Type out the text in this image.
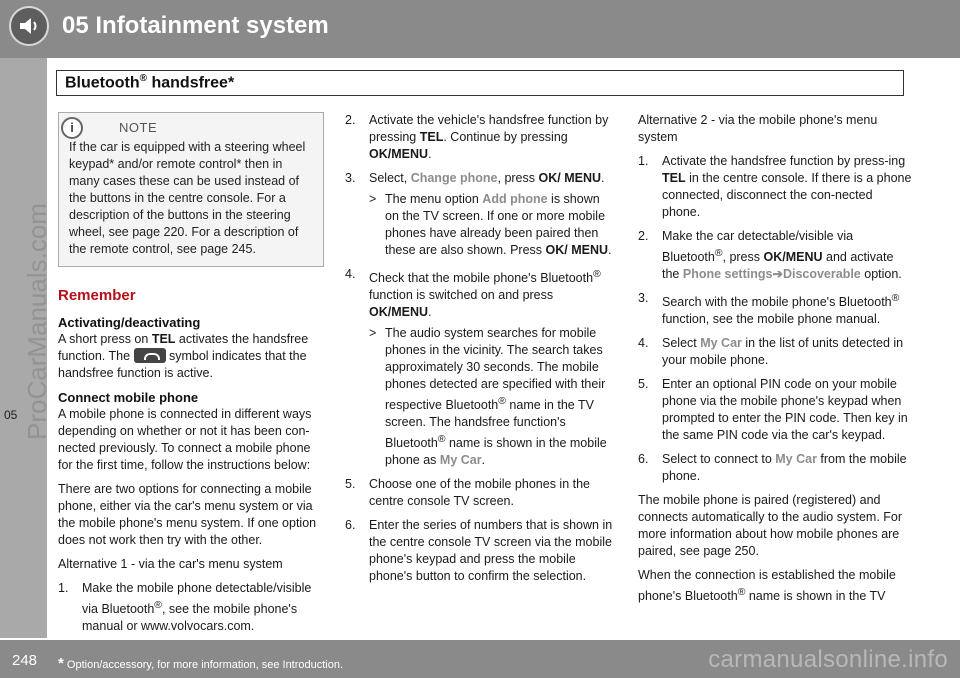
05 Infotainment system
05
Bluetooth® handsfree*
ProCarManuals.com
i	NOTE
If the car is equipped with a steering wheel keypad* and/or remote control* then in many cases these can be used instead of the buttons in the centre console. For a description of the buttons in the steering wheel, see page 220. For a description of the remote control, see page 245.
Remember
Activating/deactivating

A short press on TEL activates the handsfree function. The	symbol indicates that the handsfree function is active.

Connect mobile phone

A mobile phone is connected in different ways depending on whether or not it has been con-nected previously. To connect a mobile phone for the first time, follow the instructions below:

There are two options for connecting a mobile phone, either via the car's menu system or via the mobile phone's menu system. If one option does not work then try with the other.

Alternative 1 - via the car's menu system

1. Make the mobile phone detectable/visible via Bluetooth®, see the mobile phone's manual or www.volvocars.com.
2. Activate the vehicle's handsfree function by pressing TEL. Continue by pressing OK/MENU.
3. Select, Change phone, press OK/ MENU.
> The menu option Add phone is shown on the TV screen. If one or more mobile phones have already been paired then these are also shown. Press OK/ MENU.
4. Check that the mobile phone's Bluetooth® function is switched on and press OK/MENU.
> The audio system searches for mobile phones in the vicinity. The search takes approximately 30 seconds. The mobile phones detected are specified with their respective Bluetooth® name in the TV screen. The handsfree function's Bluetooth® name is shown in the mobile phone as My Car.
5. Choose one of the mobile phones in the centre console TV screen.
6. Enter the series of numbers that is shown in the centre console TV screen via the mobile phone's keypad and press the mobile phone's button to confirm the selection.

Alternative 2 - via the mobile phone's menu system

1. Activate the handsfree function by press-ing TEL in the centre console. If there is a phone connected, disconnect the con-nected phone.
2. Make the car detectable/visible via Bluetooth®, press OK/MENU and activate the Phone settings➔Discoverable option.
3. Search with the mobile phone's Bluetooth® function, see the mobile phone manual.
4. Select My Car in the list of units detected in your mobile phone.
5. Enter an optional PIN code on your mobile phone via the mobile phone's keypad when prompted to enter the PIN code. Then key in the same PIN code via the car's keypad.
6. Select to connect to My Car from the mobile phone.

The mobile phone is paired (registered) and connects automatically to the audio system. For more information about how mobile phones are paired, see page 250.

When the connection is established the mobile phone's Bluetooth® name is shown in the TV

248 * Option/accessory, for more information, see Introduction.	carmanualsonline.info
